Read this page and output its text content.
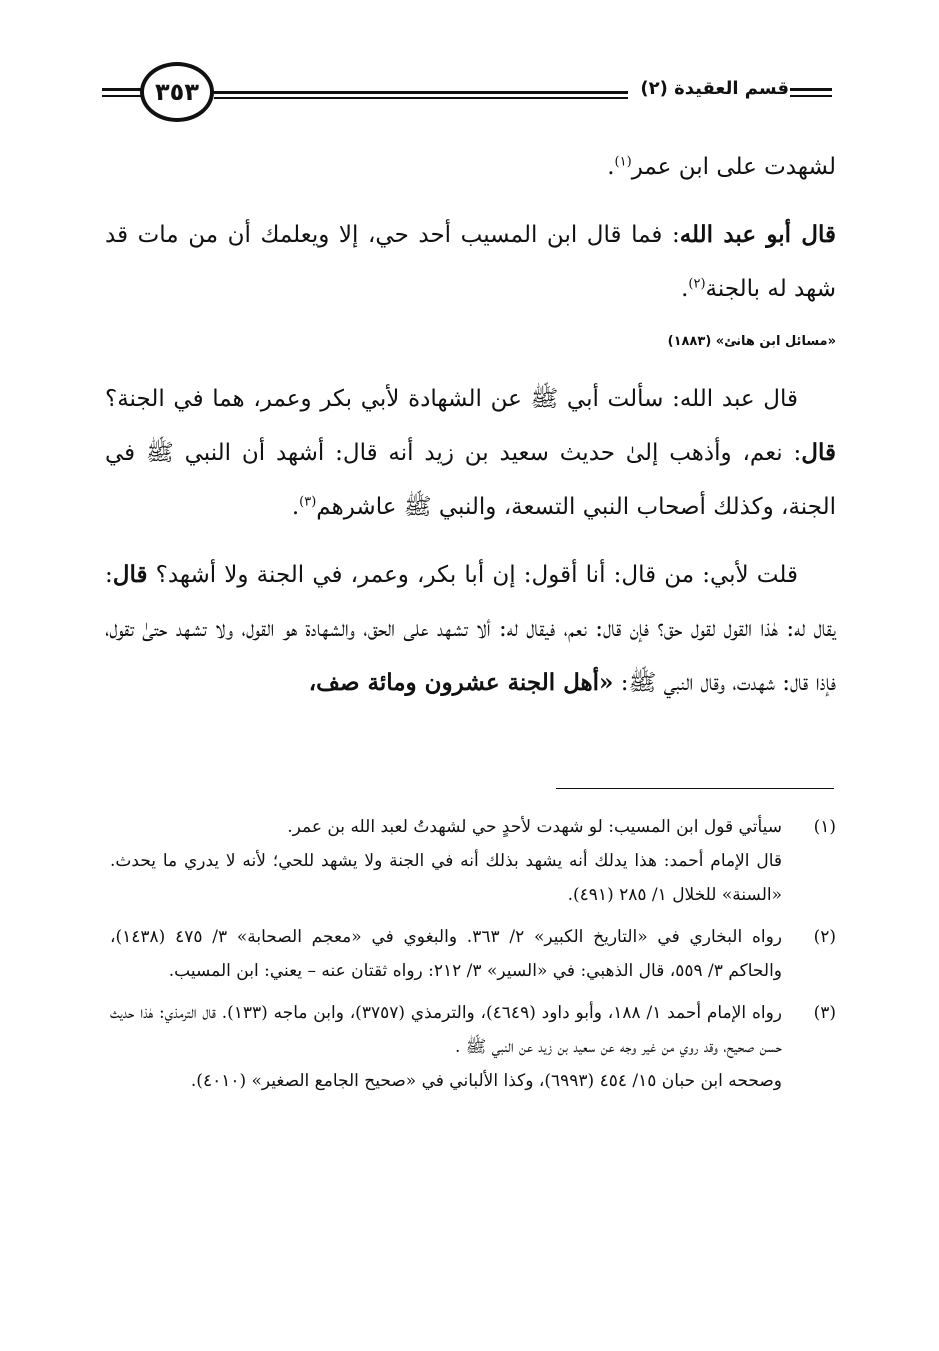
٣٥٣	قسم العقيدة (٢)

لشهدت على ابن عمر$^{(١)}$.

قال أبو عبد الله: فما قال ابن المسيب أحد حي، إلا ويعلمك أن من مات قد شهد له بالجنة$^{(٢)}$.

«مسائل ابن هانئ» (١٨٨٣)

قال عبد الله: سألت أبي ﷺ عن الشهادة لأبي بكر وعمر، هما في الجنة؟ قال: نعم، وأذهب إلىٰ حديث سعيد بن زيد أنه قال: أشهد أن النبي ﷺ في الجنة، وكذلك أصحاب النبي التسعة، والنبي ﷺ عاشرهم$^{(٣)}$.

قلت لأبي: من قال: أنا أقول: إن أبا بكر، وعمر، في الجنة ولا أشهد؟ قال: يقال له: هٰذا القول لقول حق؟ فإن قال: نعم، فيقال له: ألا تشهد على الحق، والشهادة هو القول، ولا تشهد حتىٰ تقول، فإذا قال: شهدت، وقال النبي ﷺ: «أهل الجنة عشرون ومائة صف،

(١)

سيأتي قول ابن المسيب: لو شهدت لأحدٍ حي لشهدتُ لعبد الله بن عمر.

قال الإمام أحمد: هذا يدلك أنه يشهد بذلك أنه في الجنة ولا يشهد للحي؛ لأنه لا يدري ما يحدث. «السنة» للخلال ١/ ٢٨٥ (٤٩١).

(٢)

رواه البخاري في «التاريخ الكبير» ٢/ ٣٦٣. والبغوي في «معجم الصحابة» ٣/ ٤٧٥ (١٤٣٨)، والحاكم ٣/ ٥٥٩، قال الذهبي: في «السير» ٣/ ٢١٢: رواه ثقتان عنه – يعني: ابن المسيب.

(٣)

رواه الإمام أحمد ١/ ١٨٨، وأبو داود (٤٦٤٩)، والترمذي (٣٧٥٧)، وابن ماجه (١٣٣). قال الترمذي: هٰذا حديث حسن صحيح، وقد روي من غير وجه عن سعيد بن زيد عن النبي ﷺ .

وصححه ابن حبان ١٥/ ٤٥٤ (٦٩٩٣)، وكذا الألباني في «صحيح الجامع الصغير» (٤٠١٠).
